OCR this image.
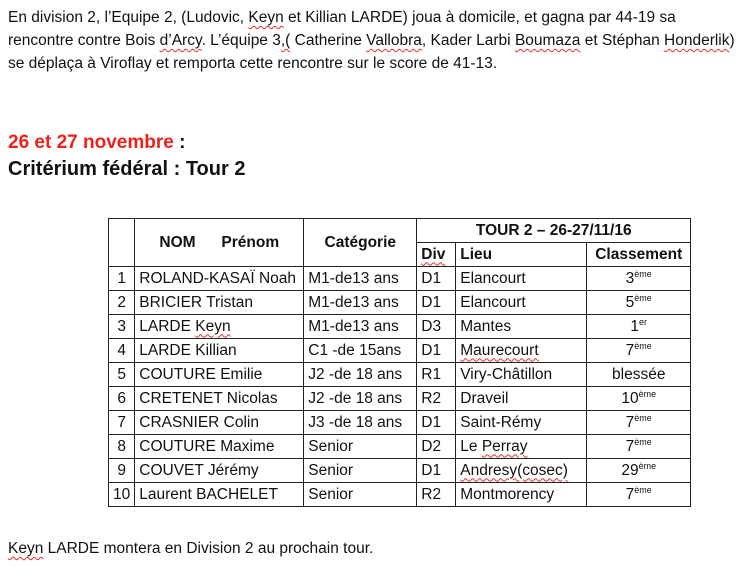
En division 2, l’Equipe 2, (Ludovic, Keyn et Killian LARDE) joua à domicile, et gagna par 44-19 sa rencontre contre Bois d’Arcy. L’équipe 3,( Catherine Vallobra, Kader Larbi Boumaza et Stéphan Honderlik) se déplaça à Viroflay et remporta cette rencontre sur le score de 41-13.

26 et 27 novembre :
Critérium fédéral : Tour 2
	NOM      Prénom	Catégorie	TOUR 2 – 26-27/11/16		
			Div	Lieu	Classement
1	ROLAND-KASAÏ Noah	M1-de13 ans	D1	Elancourt	3ème
2	BRICIER Tristan	M1-de13 ans	D1	Elancourt	5ème
3	LARDE Keyn	M1-de13 ans	D3	Mantes	1er
4	LARDE Killian	C1 -de 15ans	D1	Maurecourt	7ème
5	COUTURE Emilie	J2 -de 18 ans	R1	Viry-Châtillon	blessée
6	CRETENET Nicolas	J2 -de 18 ans	R2	Draveil	10ème
7	CRASNIER Colin	J3 -de 18 ans	D1	Saint-Rémy	7ème
8	COUTURE Maxime	Senior	D2	Le Perray	7ème
9	COUVET Jérémy	Senior	D1	Andresy(cosec)	29ème
10	Laurent BACHELET	Senior	R2	Montmorency	7ème
Keyn LARDE montera en Division 2 au prochain tour.
